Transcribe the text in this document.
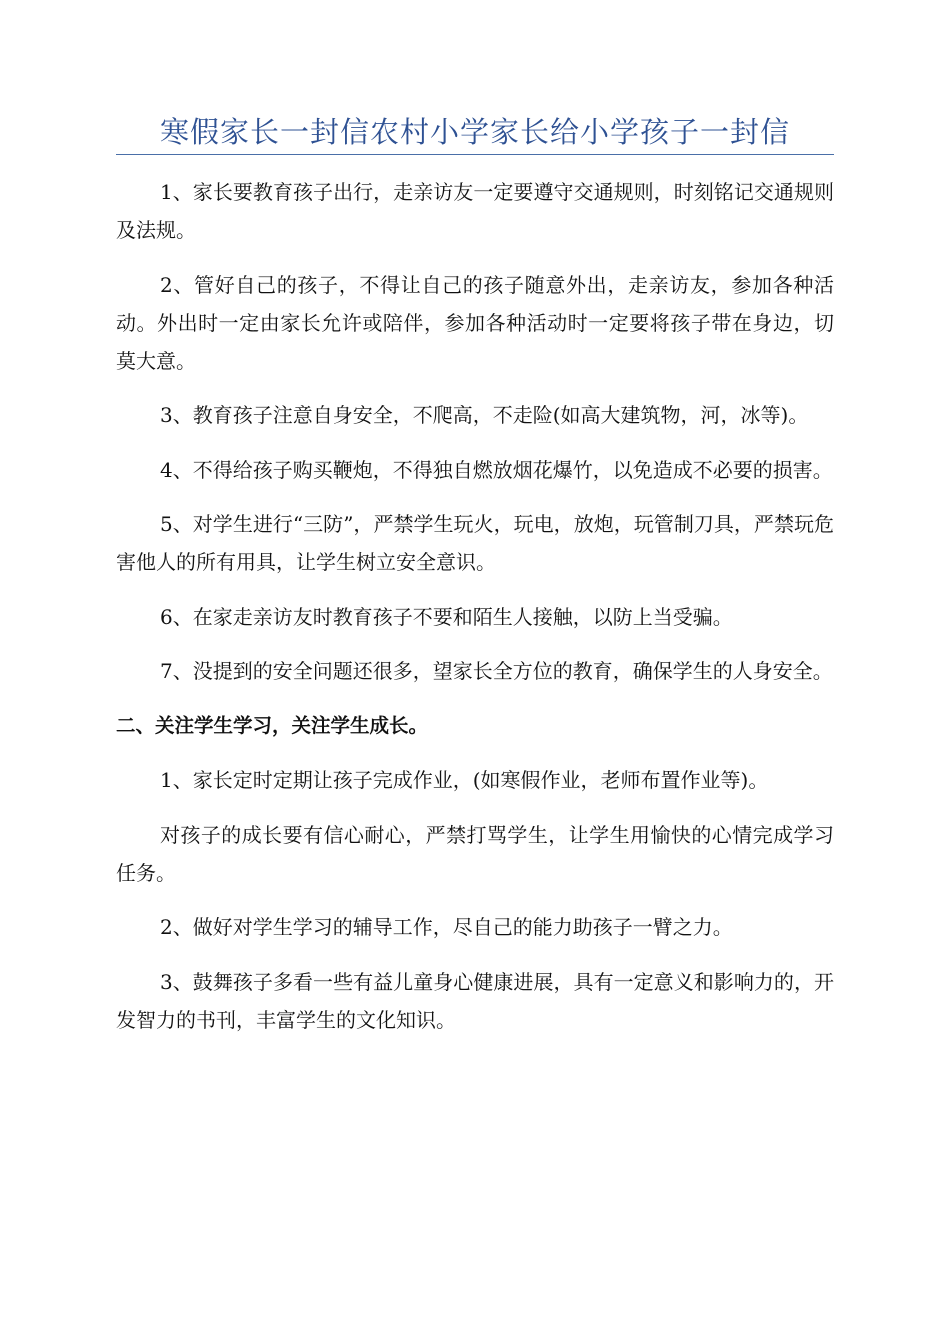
寒假家长一封信农村小学家长给小学孩子一封信

1、家长要教育孩子出行，走亲访友一定要遵守交通规则，时刻铭记交通规则及法规。

2、管好自己的孩子，不得让自己的孩子随意外出，走亲访友，参加各种活动。外出时一定由家长允许或陪伴，参加各种活动时一定要将孩子带在身边，切莫大意。

3、教育孩子注意自身安全，不爬高，不走险(如高大建筑物，河，冰等)。

4、不得给孩子购买鞭炮，不得独自燃放烟花爆竹，以免造成不必要的损害。

5、对学生进行“三防”，严禁学生玩火，玩电，放炮，玩管制刀具，严禁玩危害他人的所有用具，让学生树立安全意识。

6、在家走亲访友时教育孩子不要和陌生人接触，以防上当受骗。

7、没提到的安全问题还很多，望家长全方位的教育，确保学生的人身安全。

二、关注学生学习，关注学生成长。

1、家长定时定期让孩子完成作业，(如寒假作业，老师布置作业等)。

对孩子的成长要有信心耐心，严禁打骂学生，让学生用愉快的心情完成学习任务。

2、做好对学生学习的辅导工作，尽自己的能力助孩子一臂之力。

3、鼓舞孩子多看一些有益儿童身心健康进展，具有一定意义和影响力的，开发智力的书刊，丰富学生的文化知识。
